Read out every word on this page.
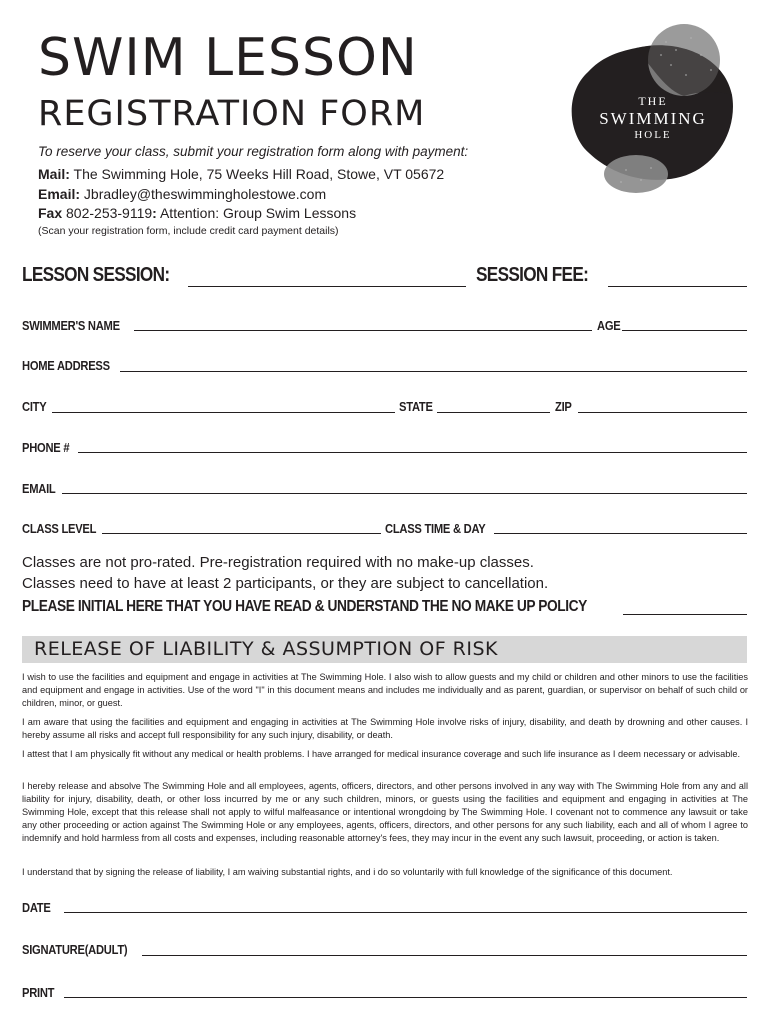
SWIM LESSON
REGISTRATION FORM	THE
SWIMMING
HOLE
To reserve your class, submit your registration form along with payment:
Mail: The Swimming Hole, 75 Weeks Hill Road, Stowe, VT 05672
Email: Jbradley@theswimmingholestowe.com
Fax 802-253-9119: Attention: Group Swim Lessons
(Scan your registration form, include credit card payment details)
LESSON SESSION:	SESSION FEE:
SWIMMER'S NAME	AGE
HOME ADDRESS
CITY	STATE	ZIP
PHONE #
EMAIL
CLASS LEVEL	CLASS TIME & DAY
Classes are not pro-rated. Pre-registration required with no make-up classes.
Classes need to have at least 2 participants, or they are subject to cancellation.
PLEASE INITIAL HERE THAT YOU HAVE READ & UNDERSTAND THE NO MAKE UP POLICY
RELEASE OF LIABILITY & ASSUMPTION OF RISK
I wish to use the facilities and equipment and engage in activities at The Swimming Hole. I also wish to allow guests and my child or children and other minors to use the facilities and equipment and engage in activities. Use of the word "I" in this document means and includes me individually and as parent, guardian, or supervisor on behalf of such child or children, minor, or guest.
I am aware that using the facilities and equipment and engaging in activities at The Swimming Hole involve risks of injury, disability, and death by drowning and other causes. I hereby assume all risks and accept full responsibility for any such injury, disability, or death.
I attest that I am physically fit without any medical or health problems. I have arranged for medical insurance coverage and such life insurance as I deem necessary or advisable.
I hereby release and absolve The Swimming Hole and all employees, agents, officers, directors, and other persons involved in any way with The Swimming Hole from any and all liability for injury, disability, death, or other loss incurred by me or any such children, minors, or guests using the facilities and equipment and engaging in activities at The Swimming Hole, except that this release shall not apply to wilful malfeasance or intentional wrongdoing by The Swimming Hole. I covenant not to commence any lawsuit or take any other proceeding or action against The Swimming Hole or any employees, agents, officers, directors, and other persons for any such liability, each and all of whom I agree to indemnify and hold harmless from all costs and expenses, including reasonable attorney's fees, they may incur in the event any such lawsuit, proceeding, or action is taken.
I understand that by signing the release of liability, I am waiving substantial rights, and i do so voluntarily with full knowledge of the significance of this document.
DATE
SIGNATURE(ADULT)
PRINT
